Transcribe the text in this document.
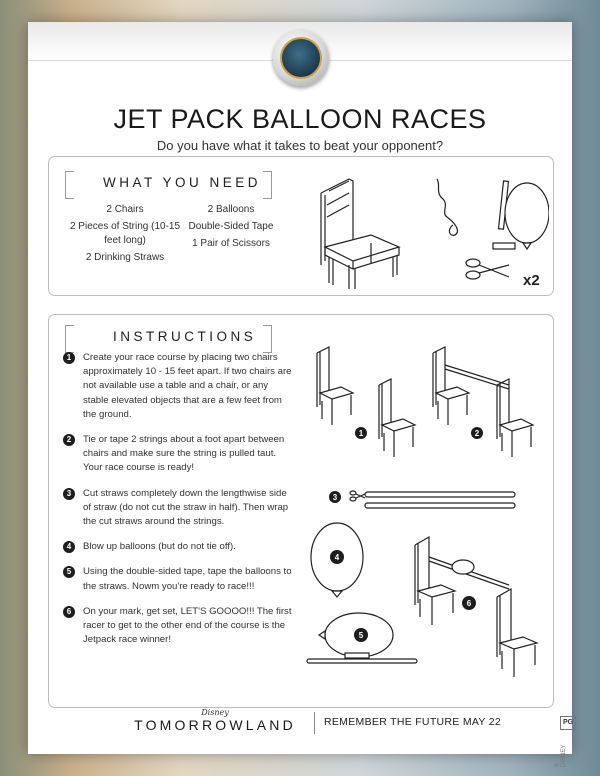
JET PACK BALLOON RACES
Do you have what it takes to beat your opponent?
WHAT YOU NEED
2 Chairs
2 Pieces of String (10-15 feet long)
2 Drinking Straws
2 Balloons
Double-Sided Tape
1 Pair of Scissors
x2
INSTRUCTIONS
1	Create your race course by placing two chairs approximately 10 - 15 feet apart. If two chairs are not available use a table and a chair, or any stable elevated objects that are a few feet from the ground.
2	Tie or tape 2 strings about a foot apart between chairs and make sure the string is pulled taut. Your race course is ready!
3	Cut straws completely down the lengthwise side of straw (do not cut the straw in half). Then wrap the cut straws around the strings.
4	Blow up balloons (but do not tie off).
5	Using the double-sided tape, tape the balloons to the straws. Nowm you're ready to race!!!
6	On your mark, get set, LET'S GOOOO!!! The first racer to get to the other end of the course is the Jetpack race winner!
1	2
3
4
5
6
Disney
TOMORROWLAND	REMEMBER THE FUTURE MAY 22	PG
© DISNEY
